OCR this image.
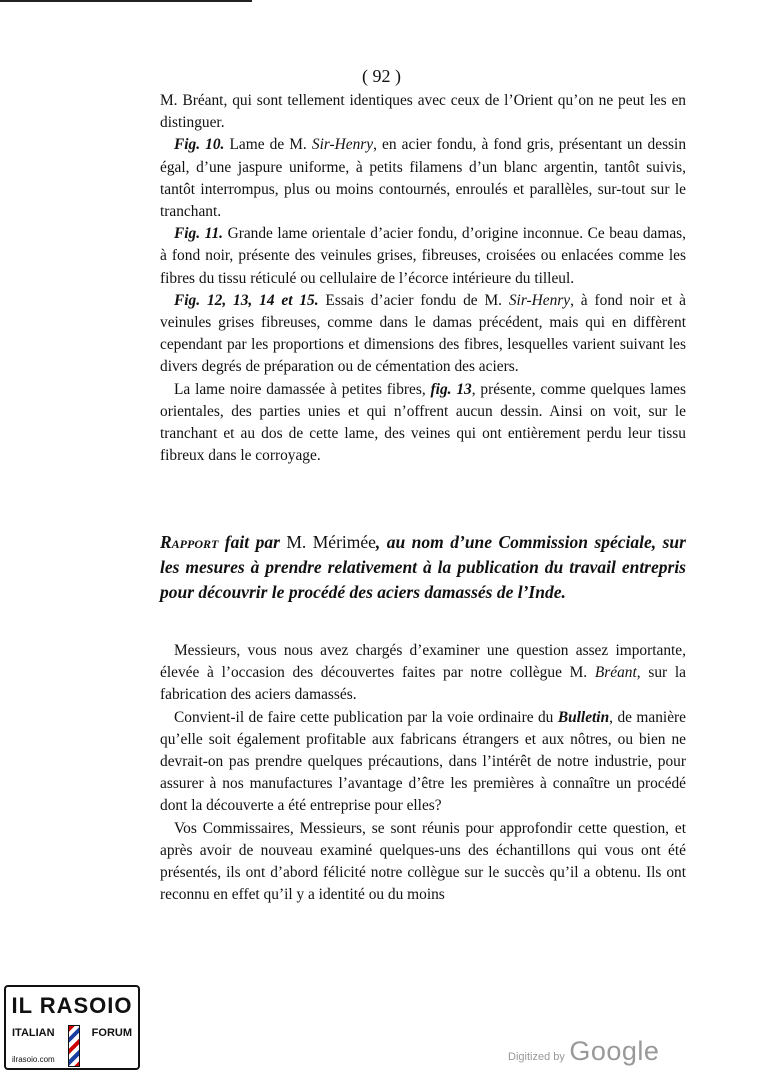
( 92 )

M. Bréant, qui sont tellement identiques avec ceux de l’Orient qu’on ne peut les en distinguer.

Fig. 10. Lame de M. Sir-Henry, en acier fondu, à fond gris, présentant un dessin égal, d’une jaspure uniforme, à petits filamens d’un blanc argentin, tantôt suivis, tantôt interrompus, plus ou moins contournés, enroulés et parallèles, sur-tout sur le tranchant.

Fig. 11. Grande lame orientale d’acier fondu, d’origine inconnue. Ce beau damas, à fond noir, présente des veinules grises, fibreuses, croisées ou enlacées comme les fibres du tissu réticulé ou cellulaire de l’écorce intérieure du tilleul.

Fig. 12, 13, 14 et 15. Essais d’acier fondu de M. Sir-Henry, à fond noir et à veinules grises fibreuses, comme dans le damas précédent, mais qui en diffèrent cependant par les proportions et dimensions des fibres, lesquelles varient suivant les divers degrés de préparation ou de cémentation des aciers.

La lame noire damassée à petites fibres, fig. 13, présente, comme quelques lames orientales, des parties unies et qui n’offrent aucun dessin. Ainsi on voit, sur le tranchant et au dos de cette lame, des veines qui ont entièrement perdu leur tissu fibreux dans le corroyage.

Rapport fait par M. Mérimée, au nom d’une Commission spéciale, sur les mesures à prendre relativement à la publication du travail entrepris pour découvrir le procédé des aciers damassés de l’Inde.

Messieurs, vous nous avez chargés d’examiner une question assez importante, élevée à l’occasion des découvertes faites par notre collègue M. Bréant, sur la fabrication des aciers damassés.

Convient-il de faire cette publication par la voie ordinaire du Bulletin, de manière qu’elle soit également profitable aux fabricans étrangers et aux nôtres, ou bien ne devrait-on pas prendre quelques précautions, dans l’intérêt de notre industrie, pour assurer à nos manufactures l’avantage d’être les premières à connaître un procédé dont la découverte a été entreprise pour elles?

Vos Commissaires, Messieurs, se sont réunis pour approfondir cette question, et après avoir de nouveau examiné quelques-uns des échantillons qui vous ont été présentés, ils ont d’abord félicité notre collègue sur le succès qu’il a obtenu. Ils ont reconnu en effet qu’il y a identité ou du moins

IL RASOIO
ITALIAN	FORUM
ilrasoio.com	Digitized by Google
